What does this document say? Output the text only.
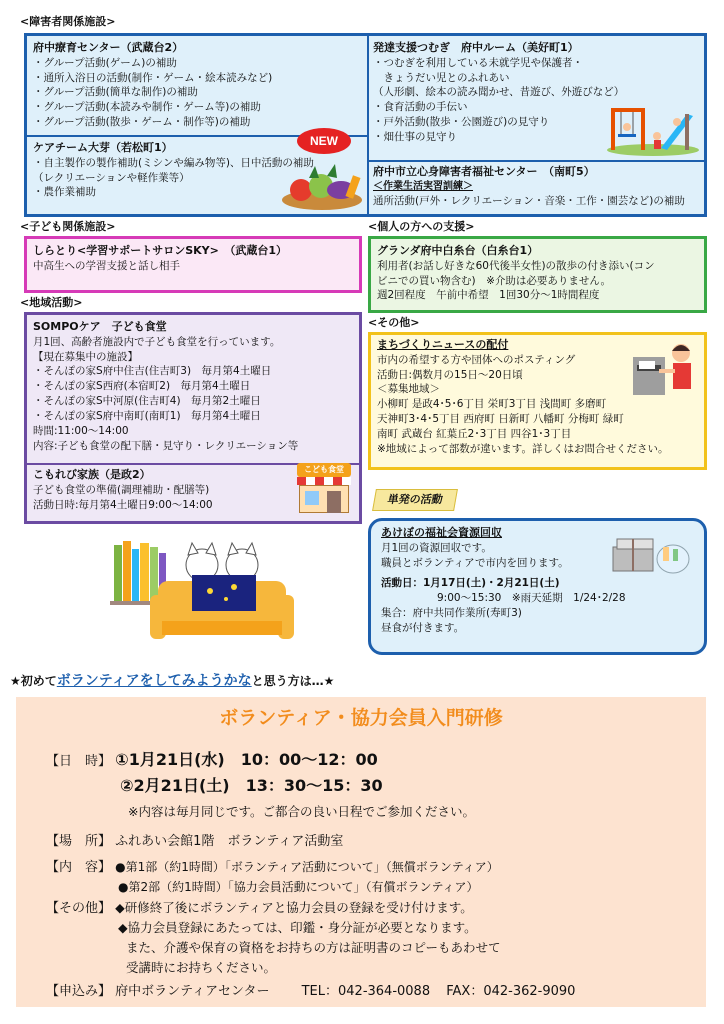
<障害者関係施設>
府中療育センター（武蔵台2）
・グループ活動(ゲーム)の補助
・通所入浴日の活動(制作・ゲーム・絵本読みなど)
・グループ活動(簡単な制作)の補助
・グループ活動(本読みや制作・ゲーム等)の補助
・グループ活動(散歩・ゲーム・制作等)の補助
NEW
ケアチーム大芽（若松町1）
・自主製作の製作補助(ミシンや編み物等)、日中活動の補助
（レクリエーションや軽作業等）
・農作業補助
発達支援つむぎ　府中ルーム（美好町1）
・つむぎを利用している未就学児や保護者・
　きょうだい児とのふれあい
（人形劇、絵本の読み聞かせ、昔遊び、外遊びなど）
・食育活動の手伝い
・戸外活動(散歩・公園遊び)の見守り
・畑仕事の見守り
府中市立心身障害者福祉センター　（南町5）
＜作業生活実習訓練＞
通所活動(戸外・レクリエーション・音楽・工作・園芸など)の補助
<子ども関係施設>
しらとり<学習サポートサロンSKY>　（武蔵台1）
中高生への学習支援と話し相手
<個人の方への支援>
グランダ府中白糸台（白糸台1）
利用者(お話し好きな60代後半女性)の散歩の付き添い(コン
ビニでの買い物含む)　※介助は必要ありません。
週2回程度　午前中希望　1回30分～1時間程度
<地域活動>
SOMPOケア　子ども食堂
月1回、高齢者施設内で子ども食堂を行っています。
【現在募集中の施設】
・そんぽの家S府中住吉(住吉町3)　毎月第4土曜日
・そんぽの家S西府(本宿町2)　毎月第4土曜日
・そんぽの家S中河原(住吉町4)　毎月第2土曜日
・そんぽの家S府中南町(南町1)　毎月第4土曜日
時間:11:00～14:00
内容:子ども食堂の配下膳・見守り・レクリエーション等
こもれび家族（是政2）
子ども食堂の準備(調理補助・配膳等)
活動日時:毎月第4土曜日9:00～14:00
こども食堂
<その他>
まちづくりニュースの配付
市内の希望する方や団体へのポスティング
活動日:偶数月の15日～20日頃
＜募集地域＞
小柳町 是政4･5･6丁目 栄町3丁目 浅間町 多磨町
天神町3･4･5丁目 西府町 日新町 八幡町 分梅町 緑町
南町 武蔵台 紅葉丘2･3丁目 四谷1･3丁目
※地域によって部数が違います。詳しくはお問合せください。
単発の活動
あけぼの福祉会資源回収
月1回の資源回収です。
職員とボランティアで市内を回ります。
活動日：1月17日(土)・2月21日(土)
9:00～15:30　※雨天延期　1/24･2/28
集合：府中共同作業所(寿町3)
昼食が付きます。
★初めてボランティアをしてみようかなと思う方は…★
ボランティア・協力会員入門研修
【日　時】 ①1月21日(水)　10：00～12：00
②2月21日(土)　13：30～15：30
※内容は毎月同じです。ご都合の良い日程でご参加ください。
【場　所】 ふれあい会館1階　ボランティア活動室
【内　容】 ●第1部（約1時間）「ボランティア活動について」（無償ボランティア）
●第2部（約1時間）「協力会員活動について」（有償ボランティア）
【その他】 ◆研修終了後にボランティアと協力会員の登録を受け付けます。
◆協力会員登録にあたっては、印鑑・身分証が必要となります。
また、介護や保育の資格をお持ちの方は証明書のコピーもあわせて
受講時にお持ちください。
【申込み】 府中ボランティアセンター TEL：042-364-0088 FAX：042-362-9090
